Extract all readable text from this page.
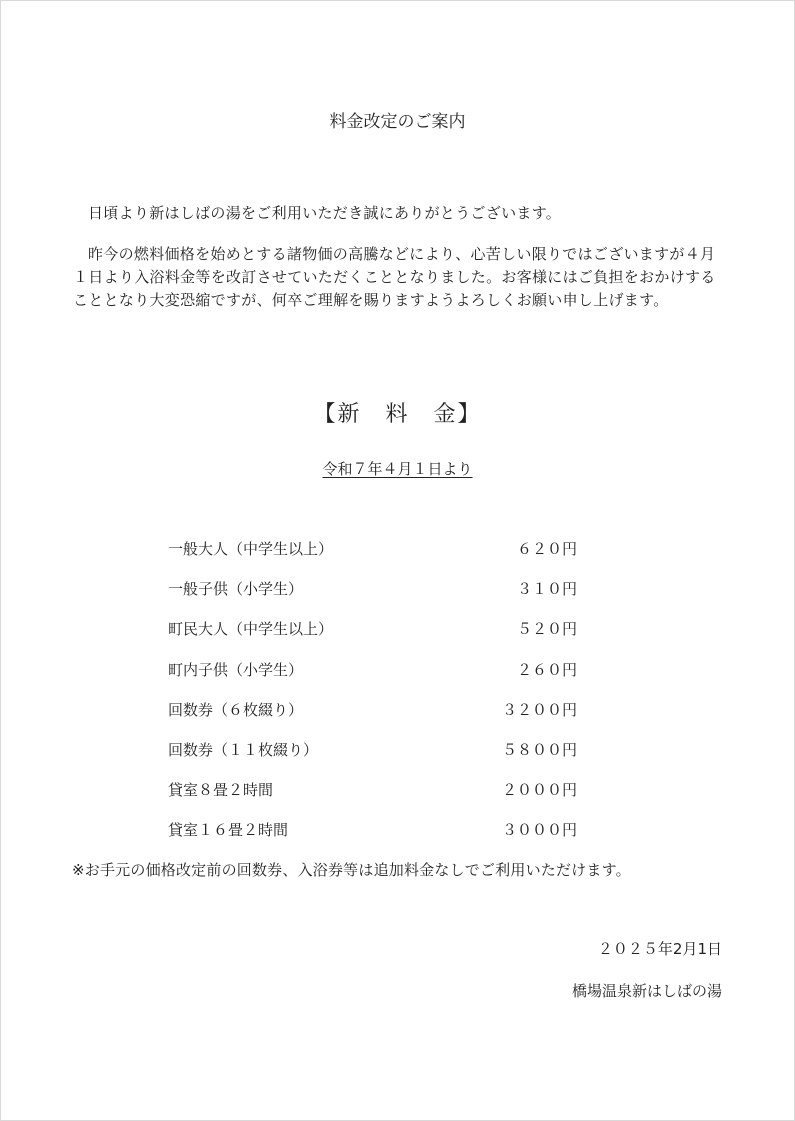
料金改定のご案内
日頃より新はしばの湯をご利用いただき誠にありがとうございます。
昨今の燃料価格を始めとする諸物価の高騰などにより、心苦しい限りではございますが４月１日より入浴料金等を改訂させていただくこととなりました。お客様にはご負担をおかけすることとなり大変恐縮ですが、何卒ご理解を賜りますようよろしくお願い申し上げます。
【新　料　金】
令和７年４月１日より
一般大人（中学生以上）	６２０円
一般子供（小学生）	３１０円
町民大人（中学生以上）	５２０円
町内子供（小学生）	２６０円
回数券（６枚綴り）	３２００円
回数券（１１枚綴り）	５８００円
貸室８畳２時間	２０００円
貸室１６畳２時間	３０００円
※お手元の価格改定前の回数券、入浴券等は追加料金なしでご利用いただけます。
２０２５年2月1日
橋場温泉新はしばの湯
